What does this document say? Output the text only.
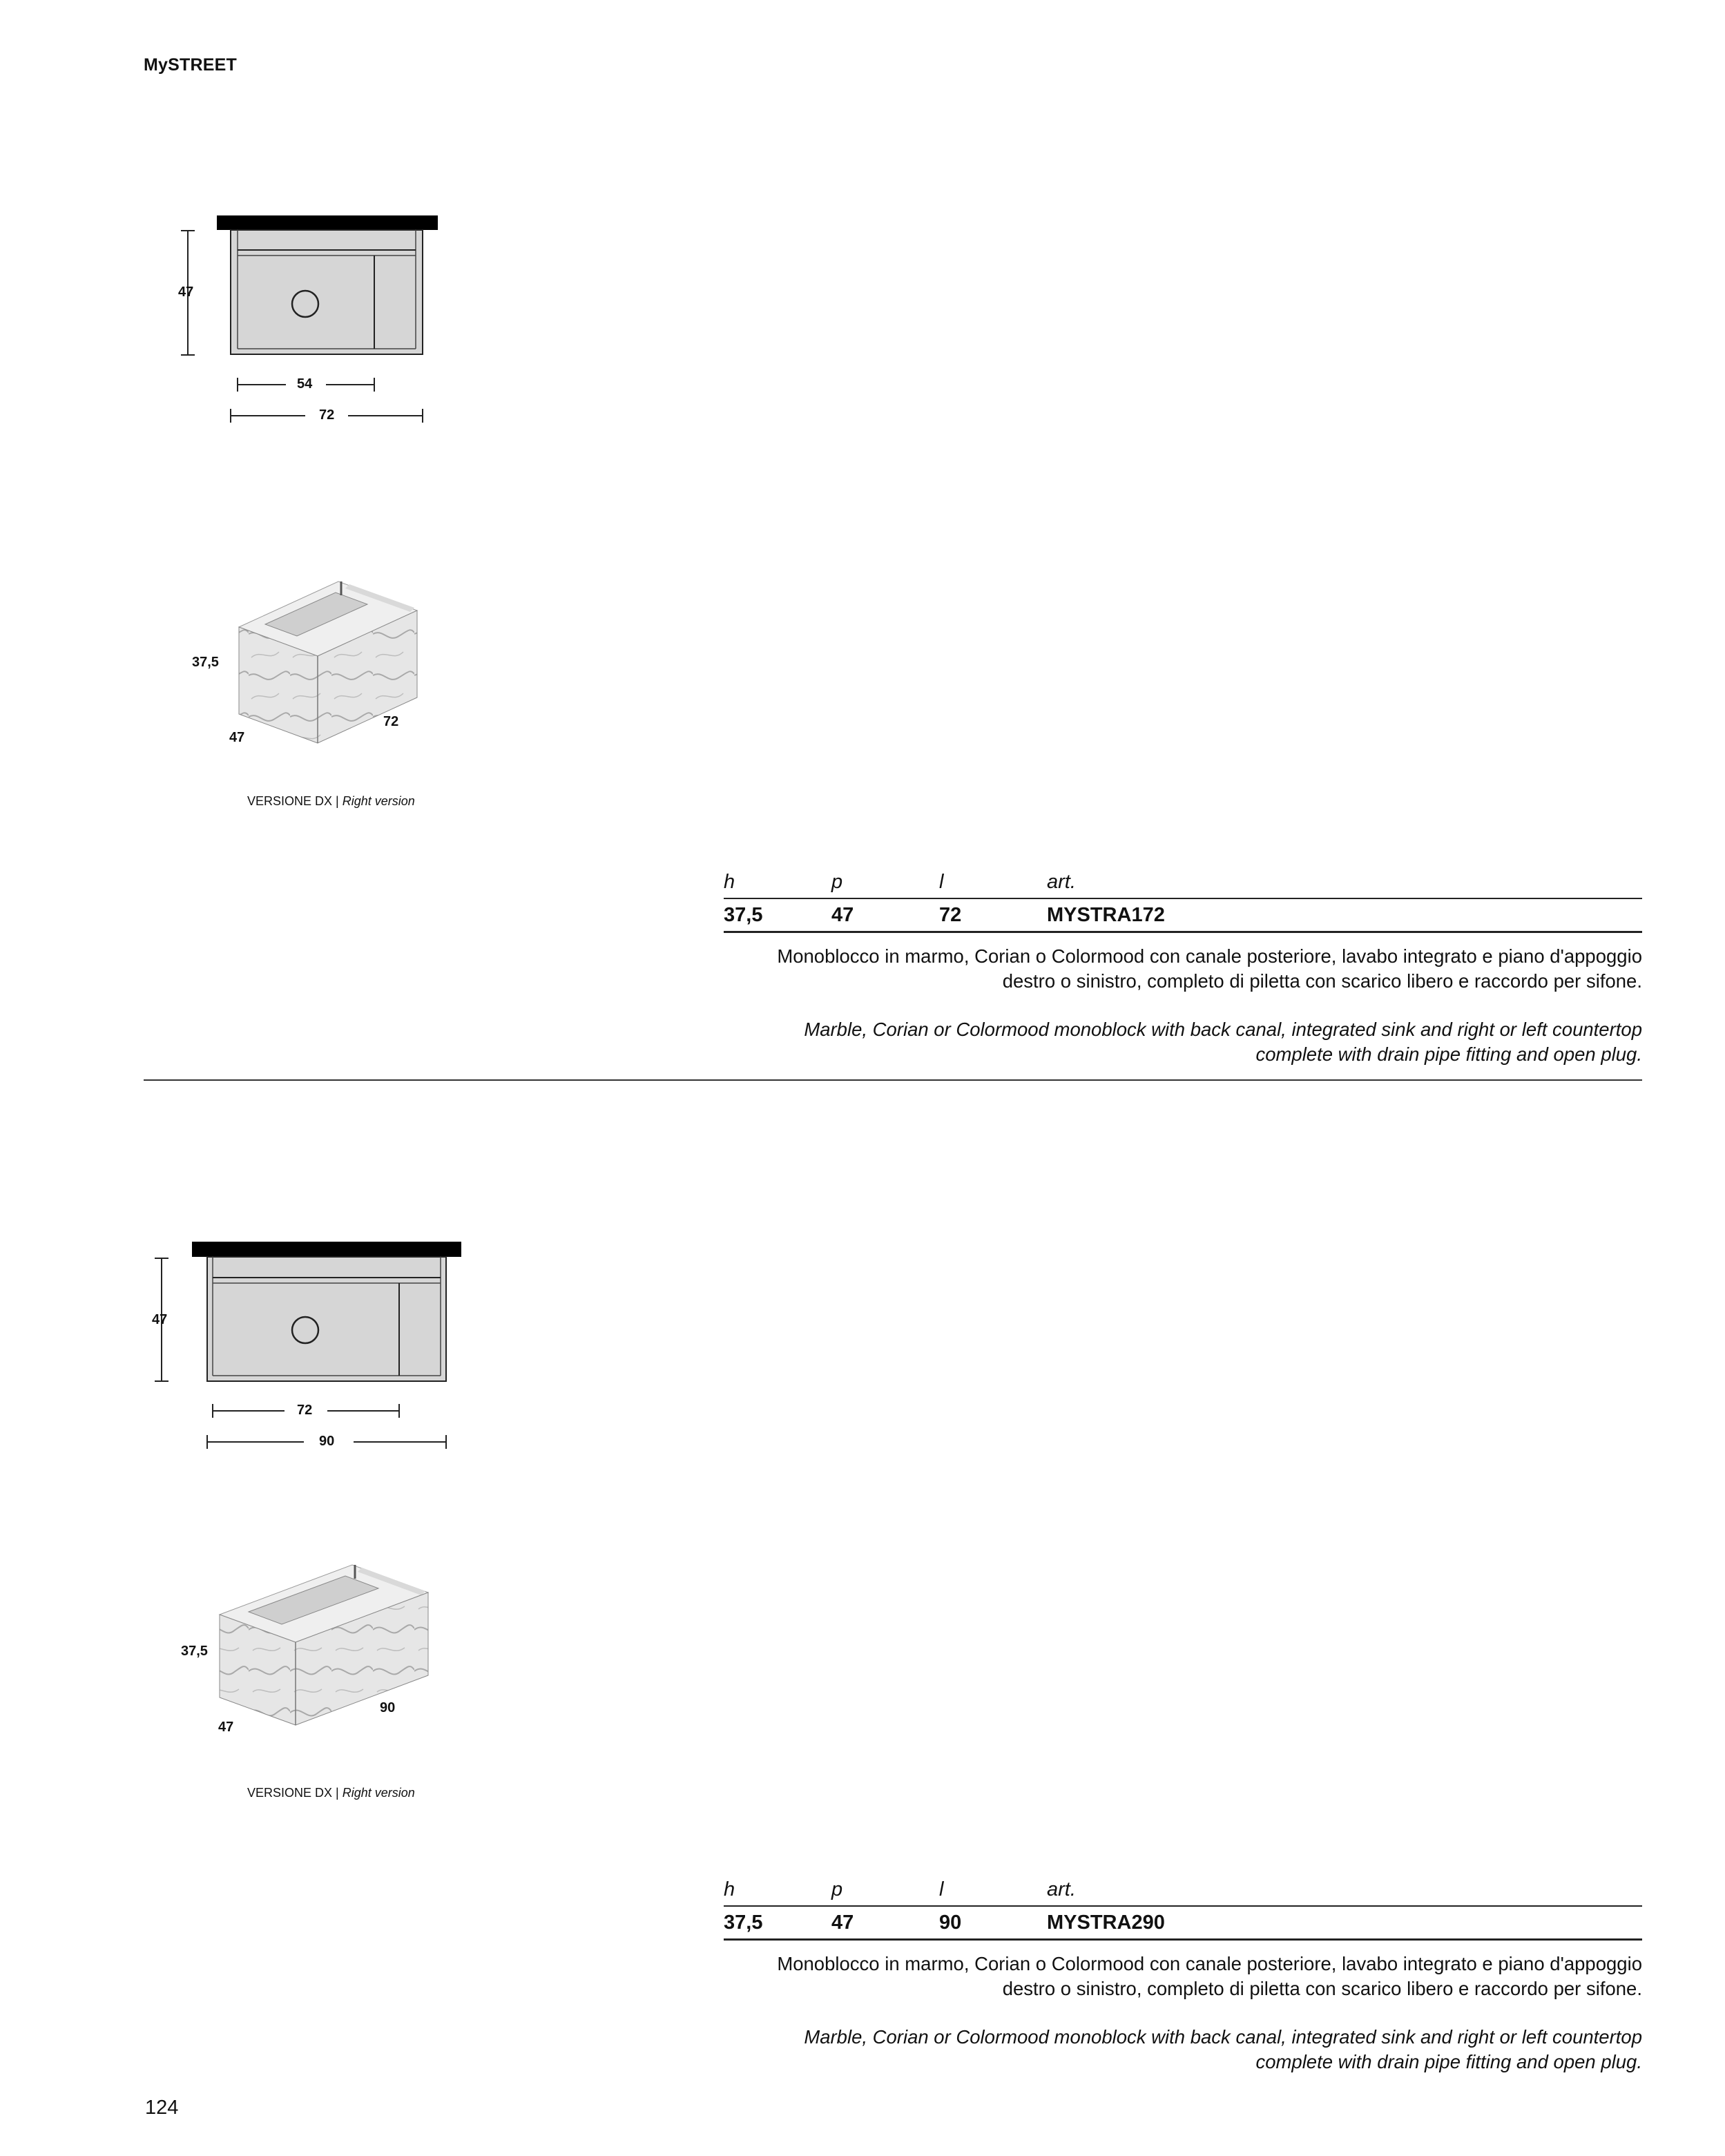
MySTREET
47
54
72
37,5
47
72
VERSIONE DX | Right version
h	p	l	art.
37,5	47	72	MYSTRA172
Monoblocco in marmo, Corian o Colormood con canale posteriore, lavabo integrato e piano d'appoggio destro o sinistro, completo di piletta con scarico libero e raccordo per sifone.
Marble, Corian or Colormood monoblock with back canal, integrated sink and right or left countertop complete with drain pipe fitting and open plug.
47
72
90
37,5
47
90
VERSIONE DX | Right version
h	p	l	art.
37,5	47	90	MYSTRA290
Monoblocco in marmo, Corian o Colormood con canale posteriore, lavabo integrato e piano d'appoggio destro o sinistro, completo di piletta con scarico libero e raccordo per sifone.
Marble, Corian or Colormood monoblock with back canal, integrated sink and right or left countertop complete with drain pipe fitting and open plug.
124
